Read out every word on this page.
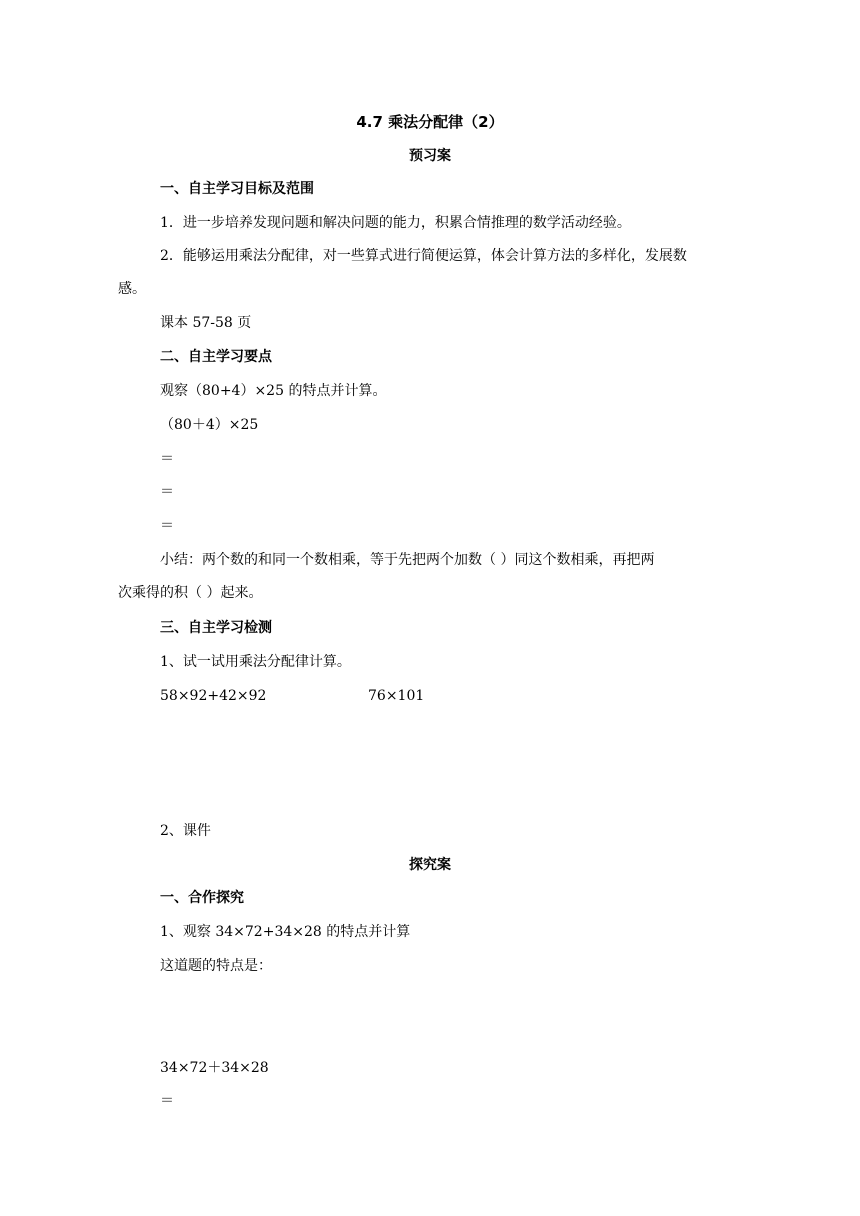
4.7 乘法分配律（2）
预习案
一、自主学习目标及范围
1．进一步培养发现问题和解决问题的能力，积累合情推理的数学活动经验。
2．能够运用乘法分配律，对一些算式进行简便运算，体会计算方法的多样化，发展数
感。
课本 57-58 页
二、自主学习要点
观察（80+4）×25 的特点并计算。
（80＋4）×25
＝
＝
＝
小结：两个数的和同一个数相乘，等于先把两个加数（ ）同这个数相乘，再把两
次乘得的积（ ）起来。
三、自主学习检测
1、试一试用乘法分配律计算。
58×92+42×92	76×101
2、课件
探究案
一、合作探究
1、观察 34×72+34×28 的特点并计算
这道题的特点是：
34×72＋34×28
＝
